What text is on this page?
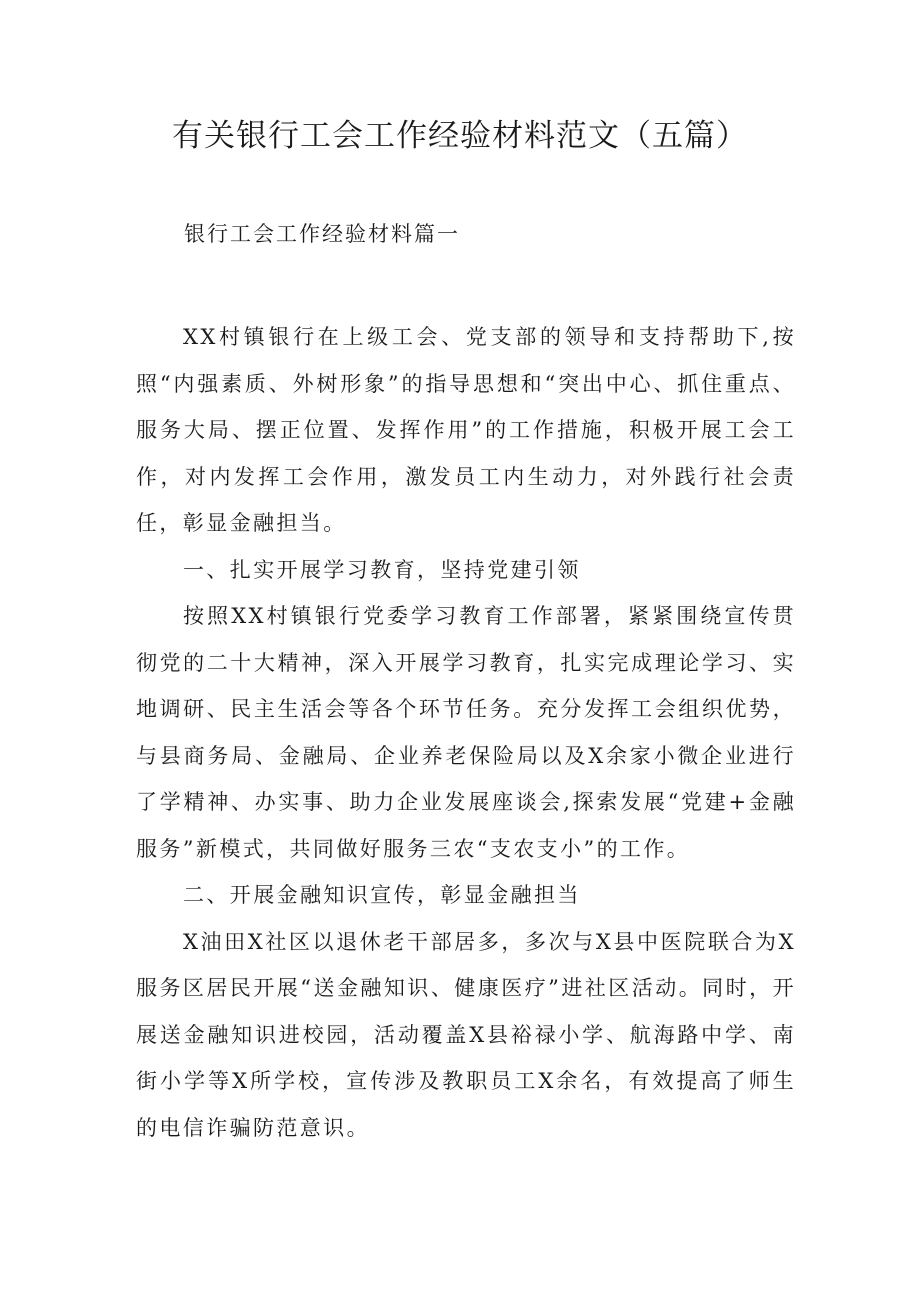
有关银行工会工作经验材料范文（五篇）
银行工会工作经验材料篇一

XX村镇银行在上级工会、党支部的领导和支持帮助下,按照“内强素质、外树形象”的指导思想和“突出中心、抓住重点、服务大局、摆正位置、发挥作用”的工作措施，积极开展工会工作，对内发挥工会作用，激发员工内生动力，对外践行社会责任，彰显金融担当。

一、扎实开展学习教育，坚持党建引领

按照XX村镇银行党委学习教育工作部署，紧紧围绕宣传贯彻党的二十大精神，深入开展学习教育，扎实完成理论学习、实地调研、民主生活会等各个环节任务。充分发挥工会组织优势，与县商务局、金融局、企业养老保险局以及X余家小微企业进行了学精神、办实事、助力企业发展座谈会,探索发展“党建+金融服务”新模式，共同做好服务三农“支农支小”的工作。

二、开展金融知识宣传，彰显金融担当

X油田X社区以退休老干部居多，多次与X县中医院联合为X服务区居民开展“送金融知识、健康医疗”进社区活动。同时，开展送金融知识进校园，活动覆盖X县裕禄小学、航海路中学、南街小学等X所学校，宣传涉及教职员工X余名，有效提高了师生的电信诈骗防范意识。
